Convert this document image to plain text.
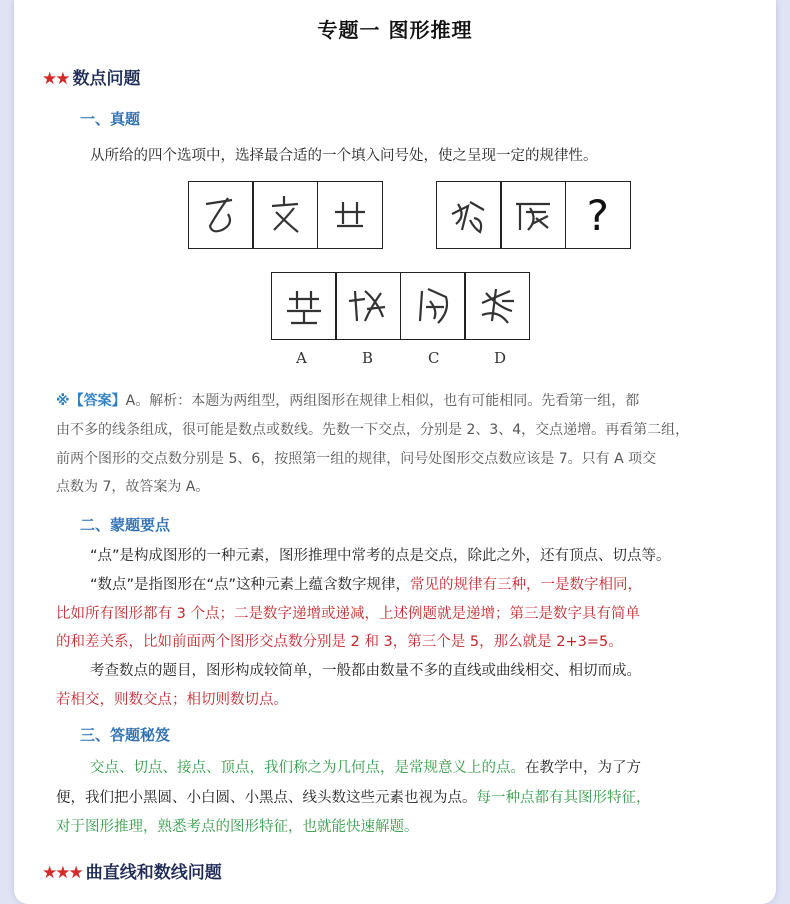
专题一 图形推理
★★ 数点问题
一、真题
从所给的四个选项中，选择最合适的一个填入问号处，使之呈现一定的规律性。
?
A	B	C	D
※【答案】A。解析：本题为两组型，两组图形在规律上相似，也有可能相同。先看第一组，都
由不多的线条组成，很可能是数点或数线。先数一下交点，分别是 2、3、4，交点递增。再看第二组，
前两个图形的交点数分别是 5、6，按照第一组的规律，问号处图形交点数应该是 7。只有 A 项交
点数为 7，故答案为 A。
二、蒙题要点
“点”是构成图形的一种元素，图形推理中常考的点是交点，除此之外，还有顶点、切点等。
“数点”是指图形在“点”这种元素上蕴含数字规律，常见的规律有三种，一是数字相同，
比如所有图形都有 3 个点；二是数字递增或递减，上述例题就是递增；第三是数字具有简单
的和差关系，比如前面两个图形交点数分别是 2 和 3，第三个是 5，那么就是 2+3=5。
考查数点的题目，图形构成较简单，一般都由数量不多的直线或曲线相交、相切而成。
若相交，则数交点；相切则数切点。
三、答题秘笈
交点、切点、接点、顶点，我们称之为几何点，是常规意义上的点。在教学中，为了方
便，我们把小黑圆、小白圆、小黑点、线头数这些元素也视为点。每一种点都有其图形特征，
对于图形推理，熟悉考点的图形特征，也就能快速解题。
★★★ 曲直线和数线问题
